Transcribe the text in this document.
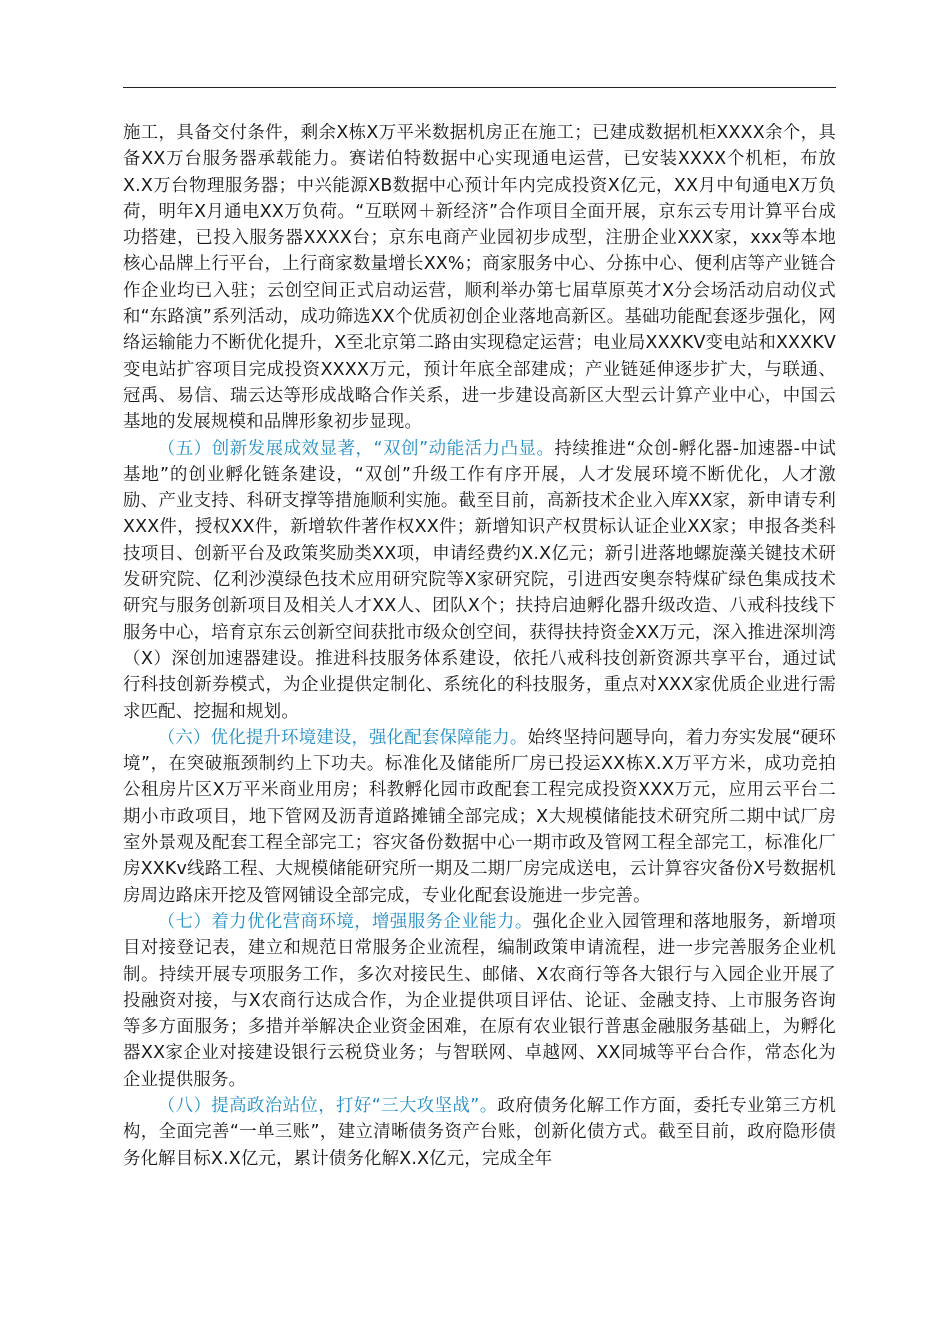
施工，具备交付条件，剩余X栋X万平米数据机房正在施工；已建成数据机柜XXXX余个，具备XX万台服务器承载能力。赛诺伯特数据中心实现通电运营，已安装XXXX个机柜，布放X.X万台物理服务器；中兴能源XB数据中心预计年内完成投资X亿元，XX月中旬通电X万负荷，明年X月通电XX万负荷。“互联网＋新经济”合作项目全面开展，京东云专用计算平台成功搭建，已投入服务器XXXX台；京东电商产业园初步成型，注册企业XXX家，xxx等本地核心品牌上行平台，上行商家数量增长XX%；商家服务中心、分拣中心、便利店等产业链合作企业均已入驻；云创空间正式启动运营，顺利举办第七届草原英才X分会场活动启动仪式和“东路演”系列活动，成功筛选XX个优质初创企业落地高新区。基础功能配套逐步强化，网络运输能力不断优化提升，X至北京第二路由实现稳定运营；电业局XXXKV变电站和XXXKV变电站扩容项目完成投资XXXX万元，预计年底全部建成；产业链延伸逐步扩大，与联通、冠禹、易信、瑞云达等形成战略合作关系，进一步建设高新区大型云计算产业中心，中国云基地的发展规模和品牌形象初步显现。

（五）创新发展成效显著，“双创”动能活力凸显。持续推进“众创-孵化器-加速器-中试基地”的创业孵化链条建设，“双创”升级工作有序开展，人才发展环境不断优化，人才激励、产业支持、科研支撑等措施顺利实施。截至目前，高新技术企业入库XX家，新申请专利XXX件，授权XX件，新增软件著作权XX件；新增知识产权贯标认证企业XX家；申报各类科技项目、创新平台及政策奖励类XX项，申请经费约X.X亿元；新引进落地螺旋藻关键技术研发研究院、亿利沙漠绿色技术应用研究院等X家研究院，引进西安奥奈特煤矿绿色集成技术研究与服务创新项目及相关人才XX人、团队X个；扶持启迪孵化器升级改造、八戒科技线下服务中心，培育京东云创新空间获批市级众创空间，获得扶持资金XX万元，深入推进深圳湾（X）深创加速器建设。推进科技服务体系建设，依托八戒科技创新资源共享平台，通过试行科技创新券模式，为企业提供定制化、系统化的科技服务，重点对XXX家优质企业进行需求匹配、挖掘和规划。

（六）优化提升环境建设，强化配套保障能力。始终坚持问题导向，着力夯实发展“硬环境”，在突破瓶颈制约上下功夫。标准化及储能所厂房已投运XX栋X.X万平方米，成功竞拍公租房片区X万平米商业用房；科教孵化园市政配套工程完成投资XXX万元，应用云平台二期小市政项目，地下管网及沥青道路摊铺全部完成；X大规模储能技术研究所二期中试厂房室外景观及配套工程全部完工；容灾备份数据中心一期市政及管网工程全部完工，标准化厂房XXKv线路工程、大规模储能研究所一期及二期厂房完成送电，云计算容灾备份X号数据机房周边路床开挖及管网铺设全部完成，专业化配套设施进一步完善。

（七）着力优化营商环境，增强服务企业能力。强化企业入园管理和落地服务，新增项目对接登记表，建立和规范日常服务企业流程，编制政策申请流程，进一步完善服务企业机制。持续开展专项服务工作，多次对接民生、邮储、X农商行等各大银行与入园企业开展了投融资对接，与X农商行达成合作，为企业提供项目评估、论证、金融支持、上市服务咨询等多方面服务；多措并举解决企业资金困难，在原有农业银行普惠金融服务基础上，为孵化器XX家企业对接建设银行云税贷业务；与智联网、卓越网、XX同城等平台合作，常态化为企业提供服务。

（八）提高政治站位，打好“三大攻坚战”。政府债务化解工作方面，委托专业第三方机构，全面完善“一单三账”，建立清晰债务资产台账，创新化债方式。截至目前，政府隐形债务化解目标X.X亿元，累计债务化解X.X亿元，完成全年
